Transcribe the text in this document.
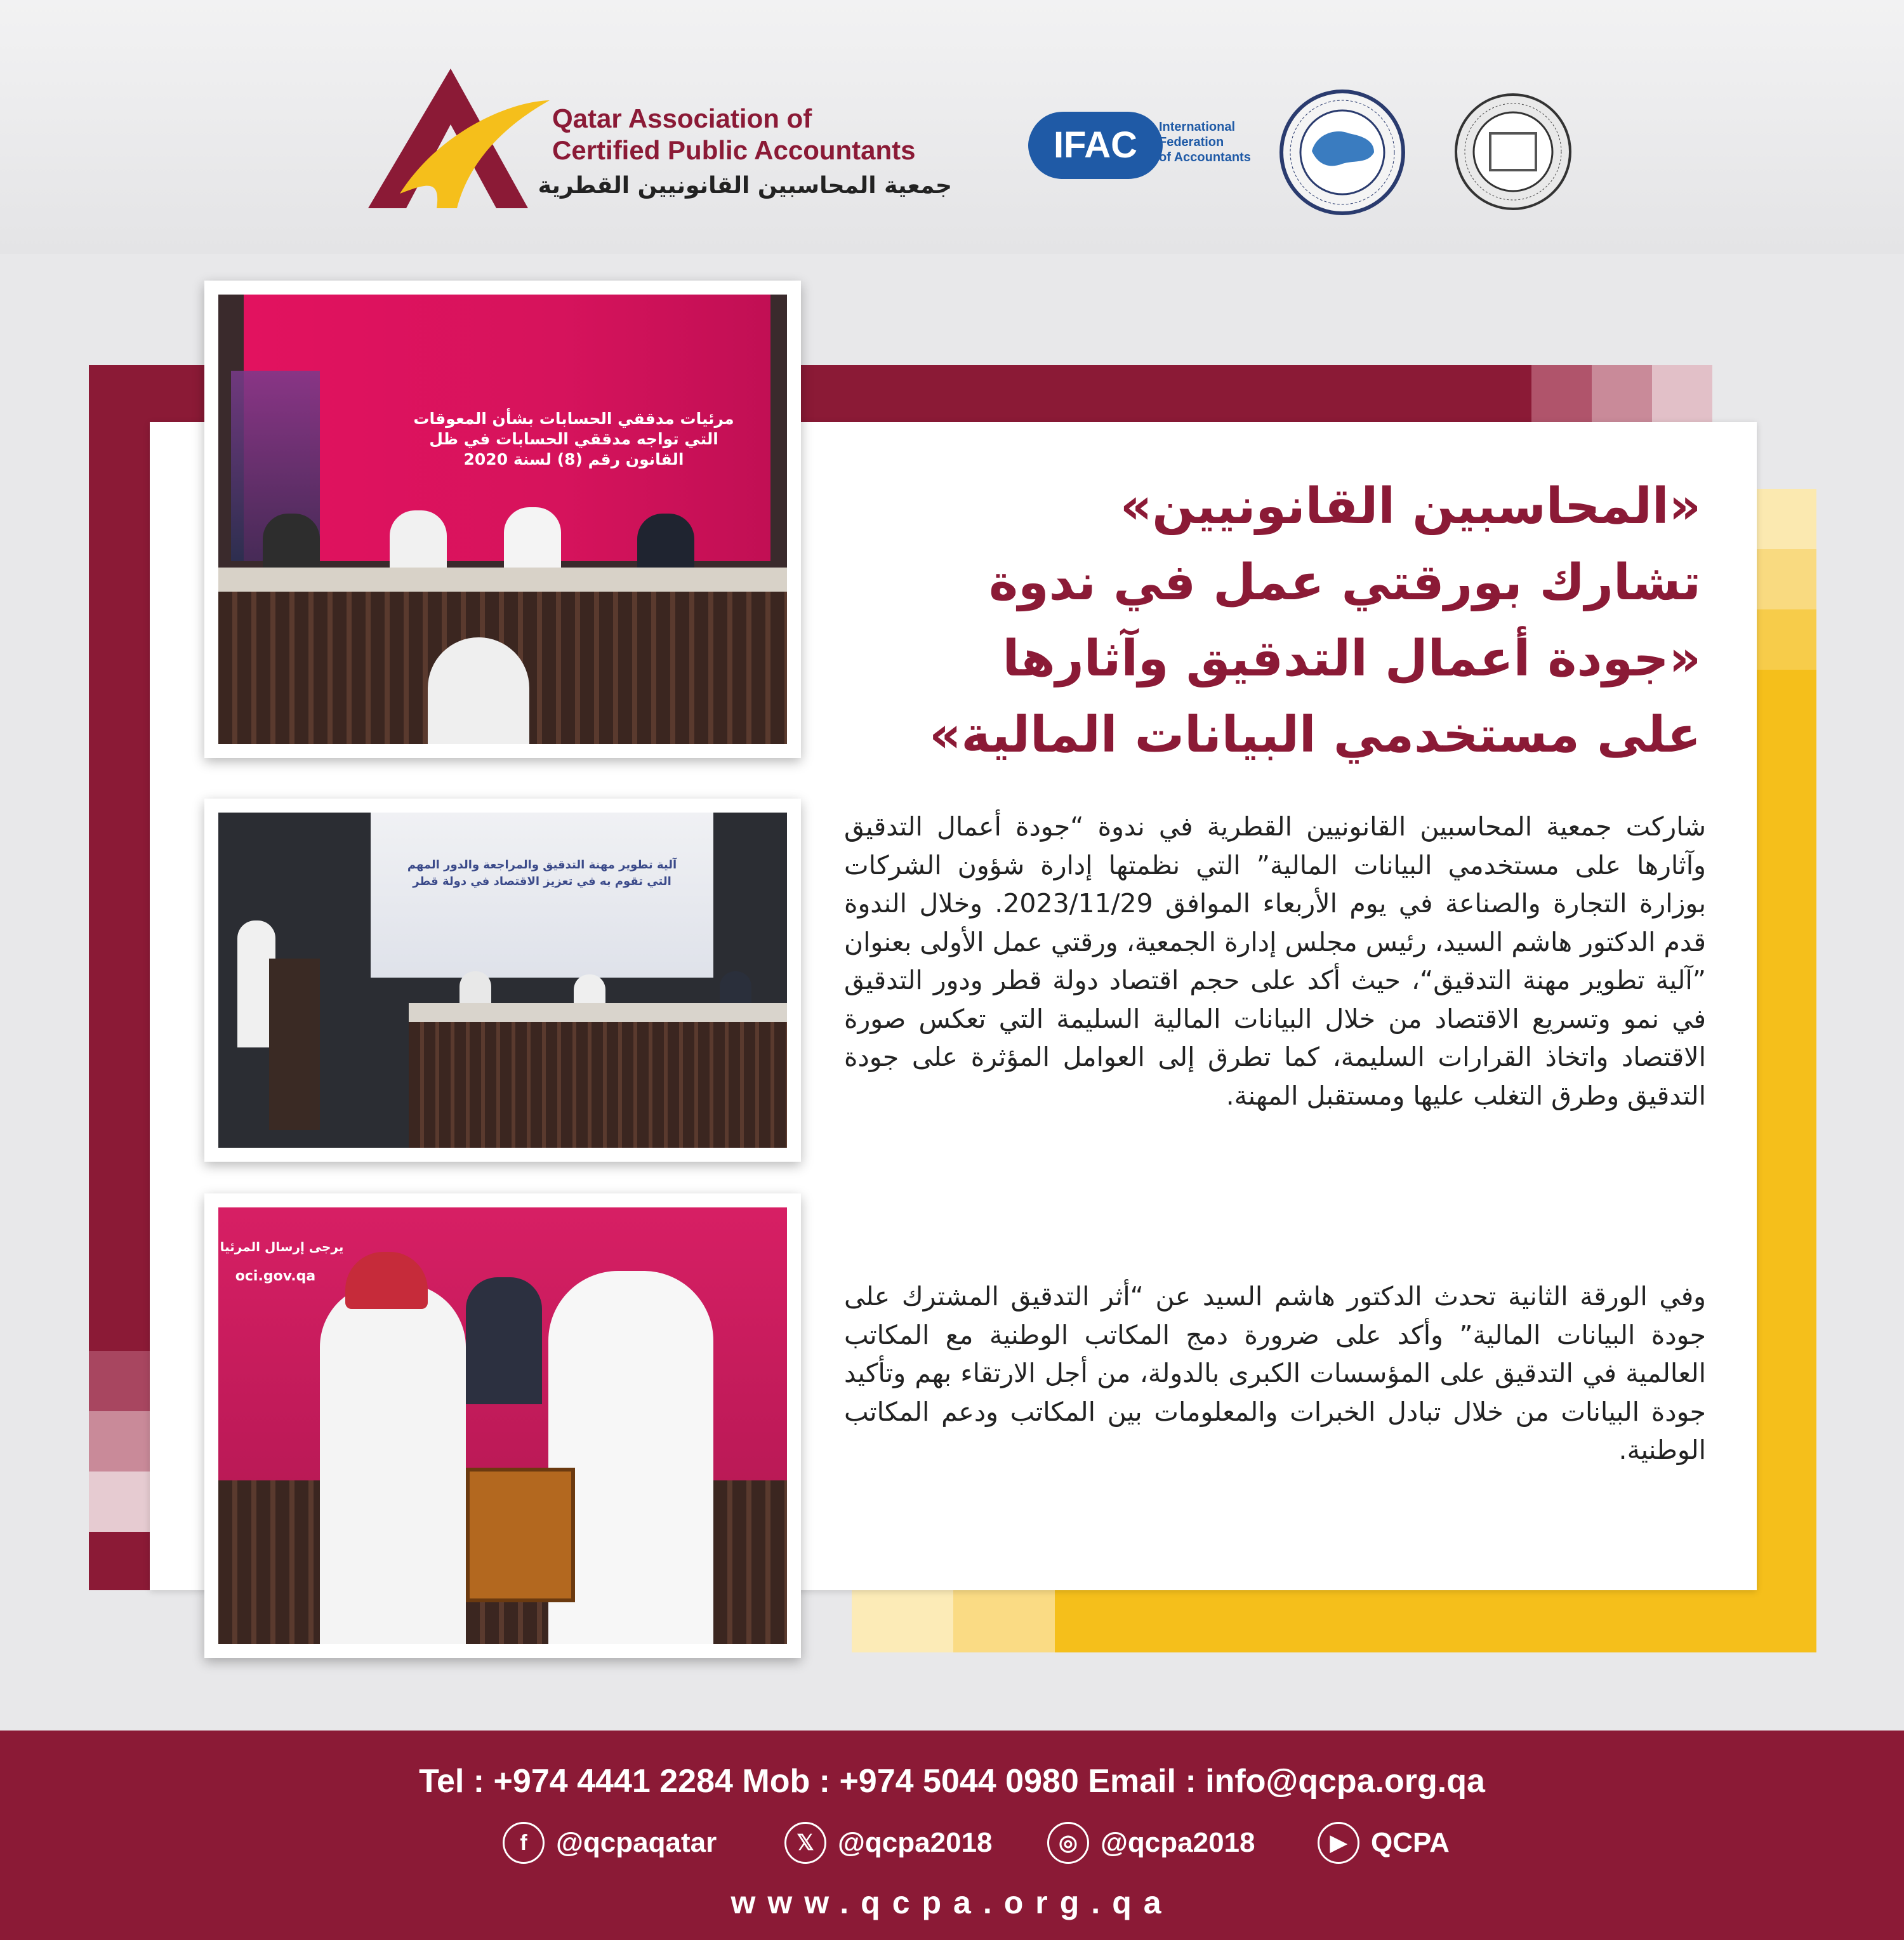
Qatar Association of
Certified Public Accountants
جمعية المحاسبين القانونيين القطرية
IFAC International
Federation
of Accountants
مرئيات مدققي الحسابات بشأن المعوقات
التي تواجه مدققي الحسابات في ظل
القانون رقم (8) لسنة 2020
آلية تطوير مهنة التدقيق والمراجعة والدور المهم
التي تقوم به في تعزيز الاقتصاد في دولة قطر
يرجى إرسال المرئيا
oci.gov.qa
«المحاسبين القانونيين»
تشارك بورقتي عمل في ندوة
«جودة أعمال التدقيق وآثارها
على مستخدمي البيانات المالية»
شاركت جمعية المحاسبين القانونيين القطرية في ندوة “جودة أعمال التدقيق وآثارها على مستخدمي البيانات المالية” التي نظمتها إدارة شؤون الشركات بوزارة التجارة والصناعة في يوم الأربعاء الموافق 2023/11/29. وخلال الندوة قدم الدكتور هاشم السيد، رئيس مجلس إدارة الجمعية، ورقتي عمل الأولى بعنوان ”آلية تطوير مهنة التدقيق“، حيث أكد على حجم اقتصاد دولة قطر ودور التدقيق في نمو وتسريع الاقتصاد من خلال البيانات المالية السليمة التي تعكس صورة الاقتصاد واتخاذ القرارات السليمة، كما تطرق إلى العوامل المؤثرة على جودة التدقيق وطرق التغلب عليها ومستقبل المهنة.
وفي الورقة الثانية تحدث الدكتور هاشم السيد عن “أثر التدقيق المشترك على جودة البيانات المالية” وأكد على ضرورة دمج المكاتب الوطنية مع المكاتب العالمية في التدقيق على المؤسسات الكبرى بالدولة، من أجل الارتقاء بهم وتأكيد جودة البيانات من خلال تبادل الخبرات والمعلومات بين المكاتب ودعم المكاتب الوطنية.
Tel : +974 4441 2284 Mob : +974 5044 0980 Email : info@qcpa.org.qa
f	@qcpaqatar	𝕏 @qcpa2018	◎ @qcpa2018	▶ QCPA
www.qcpa.org.qa
